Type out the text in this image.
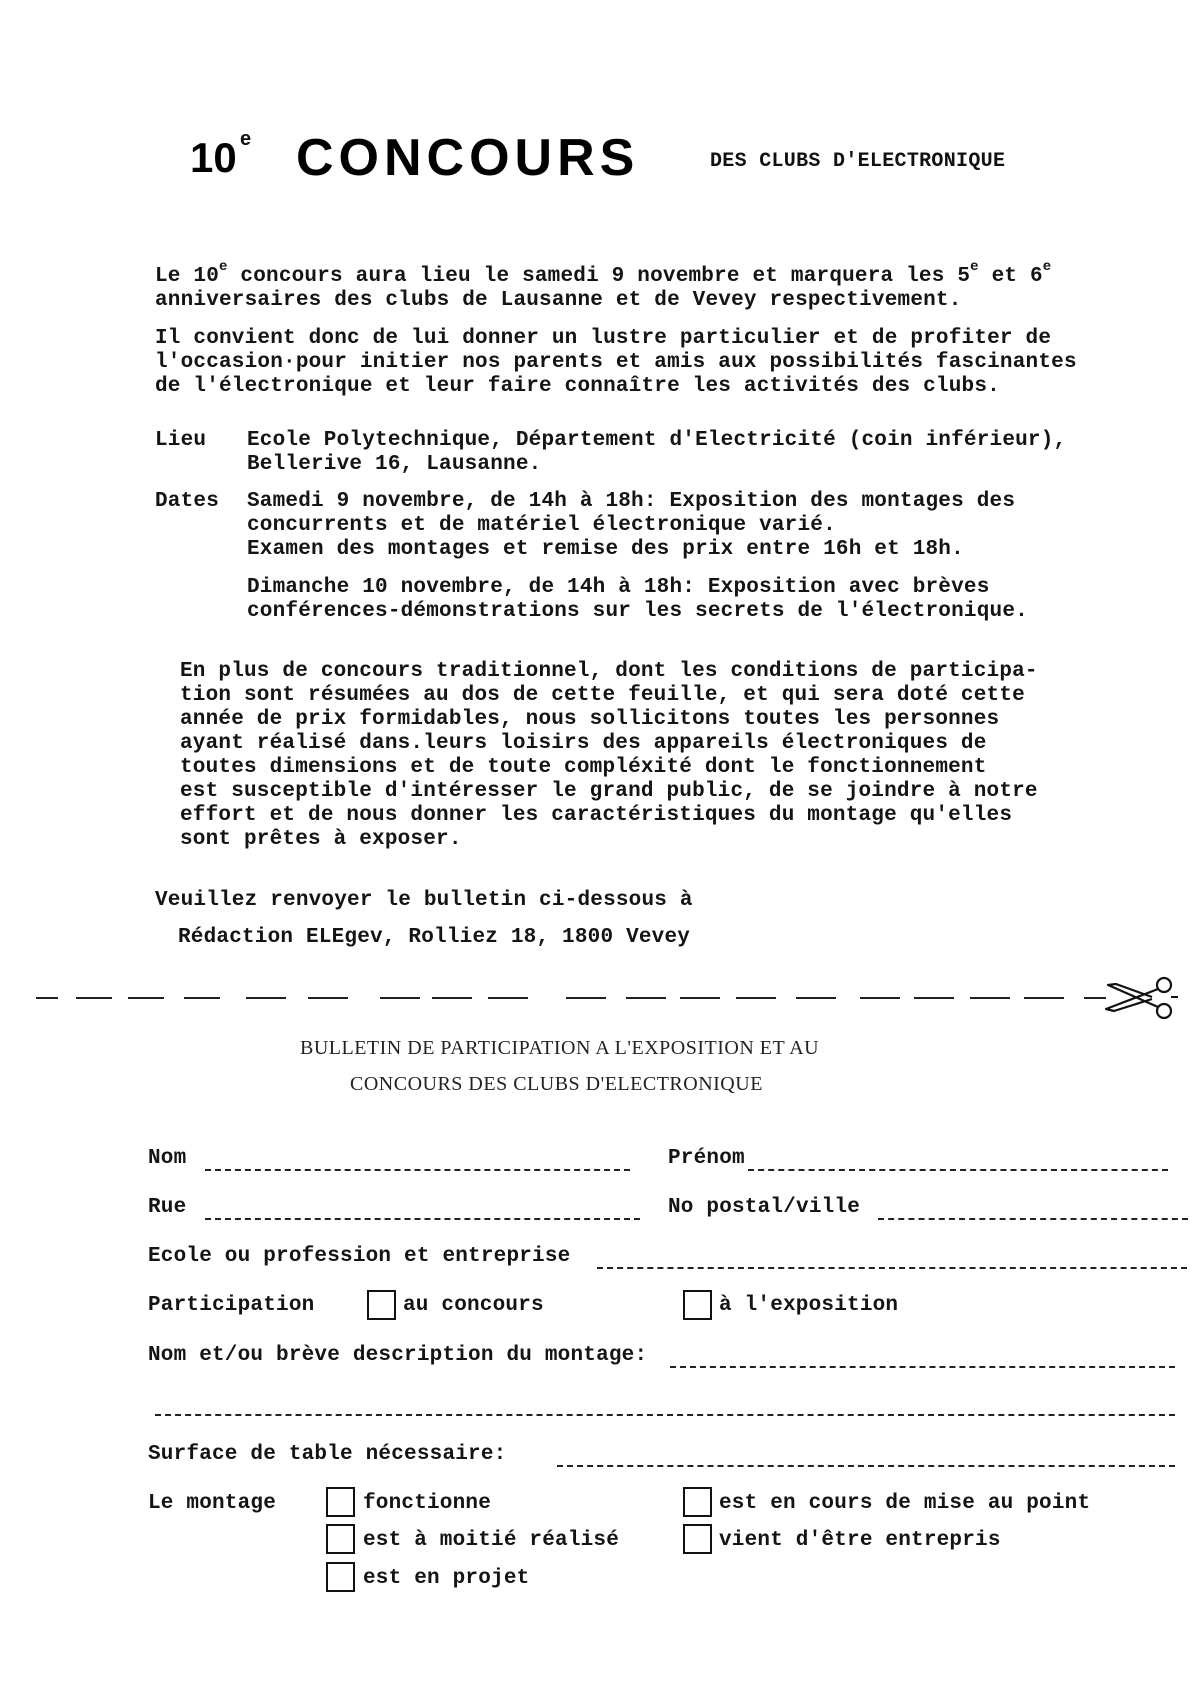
10 e CONCOURS	DES CLUBS D'ELECTRONIQUE
Le 10e concours aura lieu le samedi 9 novembre et marquera les 5e et 6e
anniversaires des clubs de Lausanne et de Vevey respectivement.
Il convient donc de lui donner un lustre particulier et de profiter de
l'occasion·pour initier nos parents et amis aux possibilités fascinantes
de l'électronique et leur faire connaître les activités des clubs.
Lieu Ecole Polytechnique, Département d'Electricité (coin inférieur),
Bellerive 16, Lausanne.
Dates Samedi 9 novembre, de 14h à 18h: Exposition des montages des
concurrents et de matériel électronique varié.
Examen des montages et remise des prix entre 16h et 18h.
Dimanche 10 novembre, de 14h à 18h: Exposition avec brèves
conférences-démonstrations sur les secrets de l'électronique.
En plus de concours traditionnel, dont les conditions de participa-
tion sont résumées au dos de cette feuille, et qui sera doté cette
année de prix formidables, nous sollicitons toutes les personnes
ayant réalisé dans.leurs loisirs des appareils électroniques de
toutes dimensions et de toute compléxité dont le fonctionnement
est susceptible d'intéresser le grand public, de se joindre à notre
effort et de nous donner les caractéristiques du montage qu'elles
sont prêtes à exposer.
Veuillez renvoyer le bulletin ci-dessous à
Rédaction ELEgev, Rolliez 18, 1800 Vevey
BULLETIN DE PARTICIPATION A L'EXPOSITION ET AU
CONCOURS DES CLUBS D'ELECTRONIQUE
Nom	Prénom
Rue	No postal/ville
Ecole ou profession et entreprise
Participation	au concours	à l'exposition
Nom et/ou brève description du montage:
Surface de table nécessaire:
Le montage	fonctionne	est en cours de mise au point
est à moitié réalisé	vient d'être entrepris
est en projet
